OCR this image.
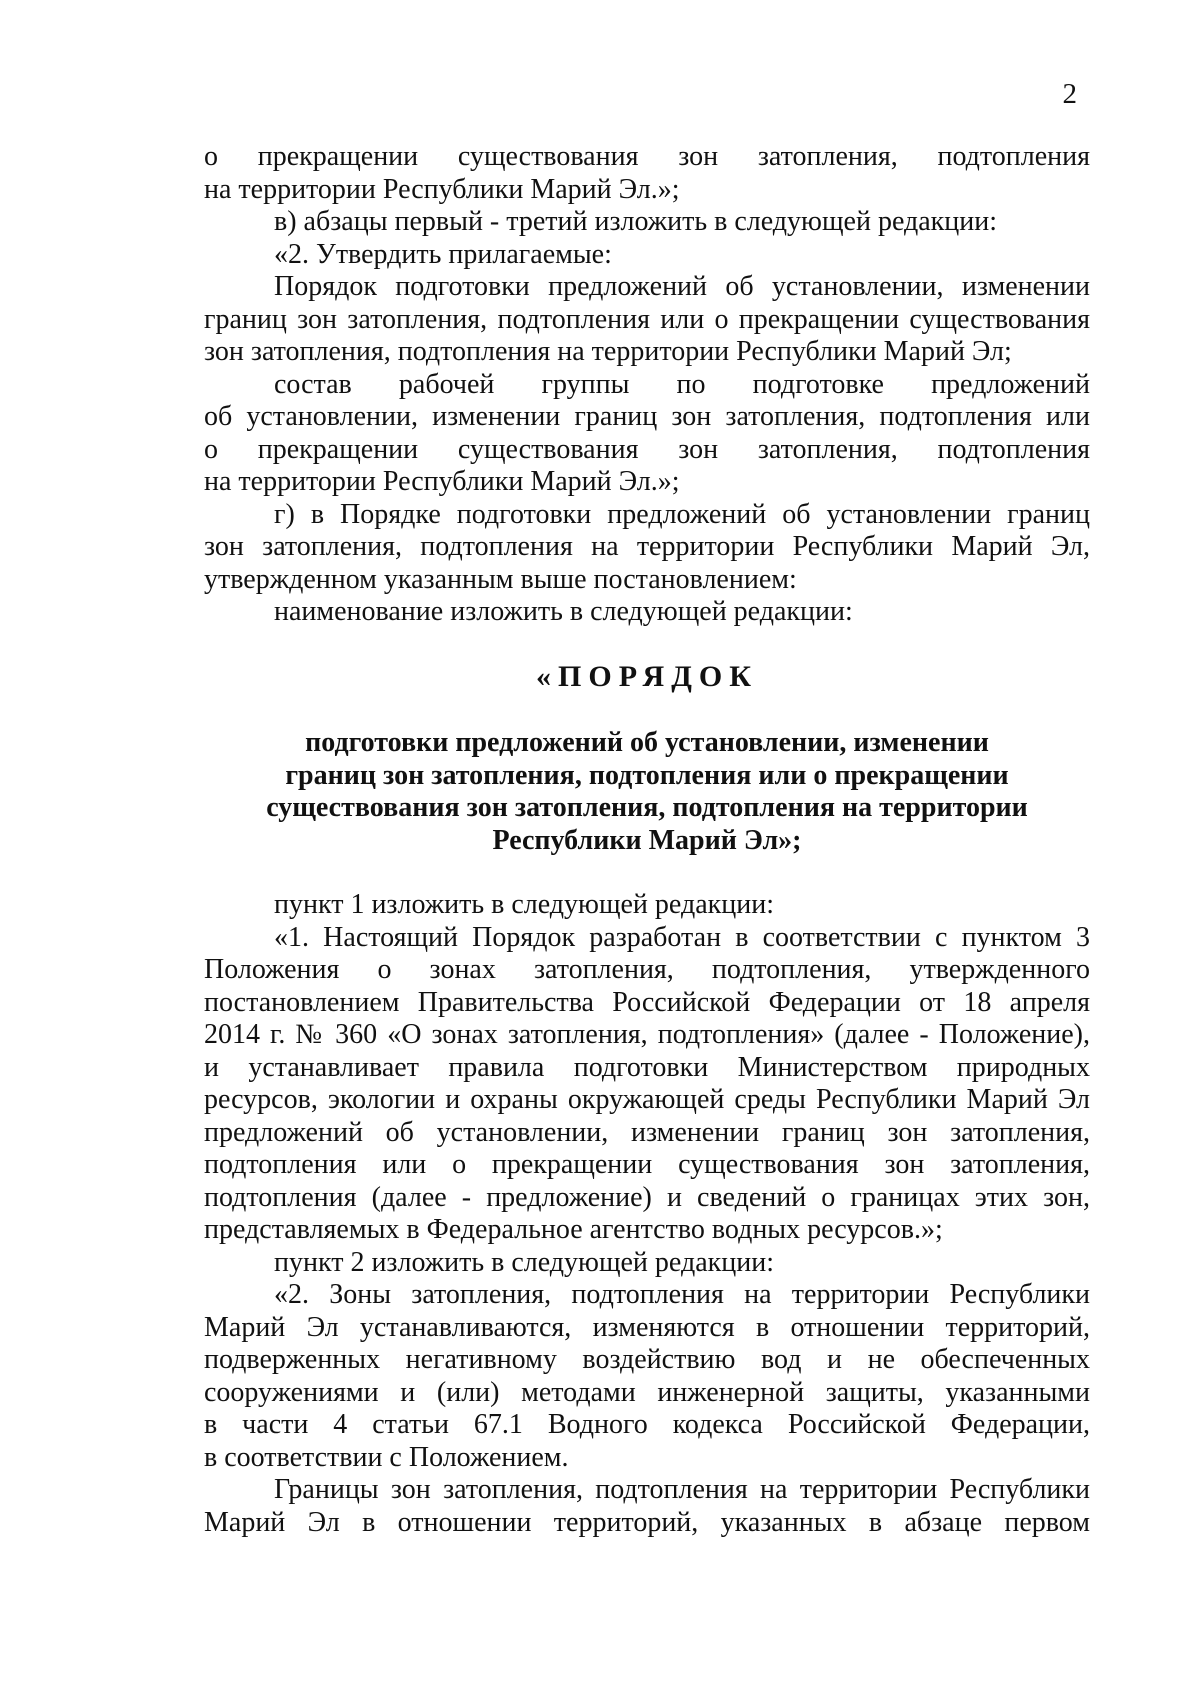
2
о прекращении существования зон затопления, подтопления
на территории Республики Марий Эл.»;
в) абзацы первый - третий изложить в следующей редакции:
«2. Утвердить прилагаемые:
Порядок подготовки предложений об установлении, изменении
границ зон затопления, подтопления или о прекращении существования
зон затопления, подтопления на территории Республики Марий Эл;
состав рабочей группы по подготовке предложений
об установлении, изменении границ зон затопления, подтопления или
о прекращении существования зон затопления, подтопления
на территории Республики Марий Эл.»;
г) в Порядке подготовки предложений об установлении границ
зон затопления, подтопления на территории Республики Марий Эл,
утвержденном указанным выше постановлением:
наименование изложить в следующей редакции:
«ПОРЯДОК
подготовки предложений об установлении, изменении
границ зон затопления, подтопления или о прекращении
существования зон затопления, подтопления на территории
Республики Марий Эл»;
пункт 1 изложить в следующей редакции:
«1. Настоящий Порядок разработан в соответствии с пунктом 3
Положения о зонах затопления, подтопления, утвержденного
постановлением Правительства Российской Федерации от 18 апреля
2014 г. № 360 «О зонах затопления, подтопления» (далее - Положение),
и устанавливает правила подготовки Министерством природных
ресурсов, экологии и охраны окружающей среды Республики Марий Эл
предложений об установлении, изменении границ зон затопления,
подтопления или о прекращении существования зон затопления,
подтопления (далее - предложение) и сведений о границах этих зон,
представляемых в Федеральное агентство водных ресурсов.»;
пункт 2 изложить в следующей редакции:
«2. Зоны затопления, подтопления на территории Республики
Марий Эл устанавливаются, изменяются в отношении территорий,
подверженных негативному воздействию вод и не обеспеченных
сооружениями и (или) методами инженерной защиты, указанными
в части 4 статьи 67.1 Водного кодекса Российской Федерации,
в соответствии с Положением.
Границы зон затопления, подтопления на территории Республики
Марий Эл в отношении территорий, указанных в абзаце первом
